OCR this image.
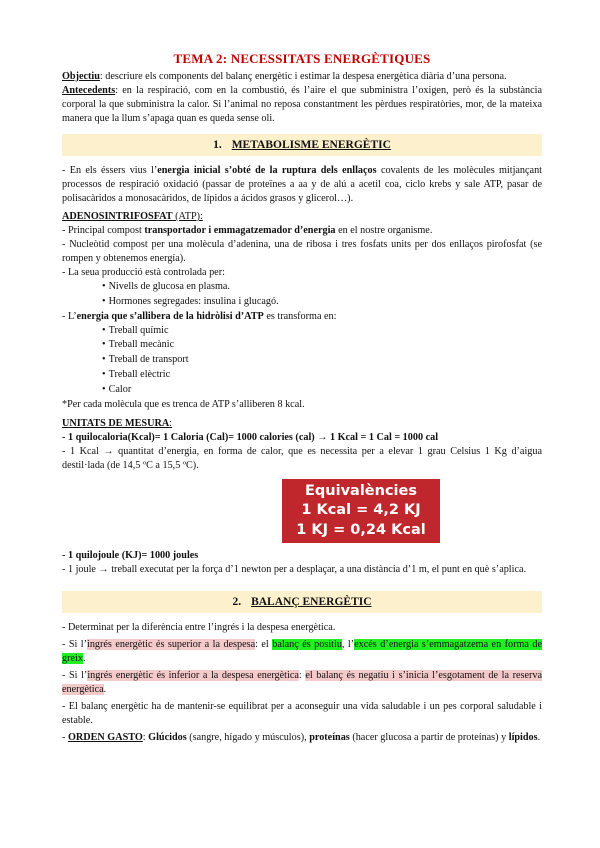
TEMA 2: NECESSITATS ENERGÈTIQUES

Objectiu: descriure els components del balanç energètic i estimar la despesa energètica diària d’una persona.

Antecedents: en la respiració, com en la combustió, és l’aire el que subministra l’oxigen, però és la substància corporal la que subministra la calor. Si l’animal no reposa constantment les pèrdues respiratòries, mor, de la mateixa manera que la llum s’apaga quan es queda sense oli.

1. METABOLISME ENERGÈTIC

- En els éssers vius l’energia inicial s’obté de la ruptura dels enllaços covalents de les molècules mitjançant processos de respiració oxidació (passar de proteïnes a aa y de alú a acetil coa, ciclo krebs y sale ATP, pasar de polisacàridos a monosacàridos, de lípidos a ácidos grasos y glicerol…).

ADENOSINTRIFOSFAT (ATP):

- Principal compost transportador i emmagatzemador d’energia en el nostre organisme.

- Nucleòtid compost per una molècula d’adenina, una de ribosa i tres fosfats units per dos enllaços pirofosfat (se rompen y obtenemos energía).

- La seua producció està controlada per:

• Nivells de glucosa en plasma.
• Hormones segregades: insulina i glucagó.

- L’energia que s’allibera de la hidròlisi d’ATP es transforma en:

• Treball químic
• Treball mecànic
• Treball de transport
• Treball elèctric
• Calor

*Per cada molècula que es trenca de ATP s’alliberen 8 kcal.

UNITATS DE MESURA:

- 1 quilocaloria(Kcal)= 1 Caloria (Cal)= 1000 calories (cal) → 1 Kcal = 1 Cal = 1000 cal

- 1 Kcal → quantitat d’energia, en forma de calor, que es necessita per a elevar 1 grau Celsius 1 Kg d’aigua destil·lada (de 14,5 ºC a 15,5 ºC).

Equivalències
1 Kcal = 4,2 KJ
1 KJ = 0,24 Kcal

- 1 quilojoule (KJ)= 1000 joules

- 1 joule → treball executat per la força d’1 newton per a desplaçar, a una distància d’1 m, el punt en què s’aplica.

2. BALANÇ ENERGÈTIC

- Determinat per la diferència entre l’ingrés i la despesa energètica.

- Si l’ingrés energètic és superior a la despesa: el balanç és positiu, l’excés d’energia s’emmagatzema en forma de greix.

- Si l’ingrés energètic és inferior a la despesa energètica: el balanç és negatiu i s’inicia l’esgotament de la reserva energètica.

- El balanç energètic ha de mantenir-se equilibrat per a aconseguir una vida saludable i un pes corporal saludable i estable.

- ORDEN GASTO: Glúcidos (sangre, hígado y músculos), proteínas (hacer glucosa a partir de proteínas) y lípidos.
